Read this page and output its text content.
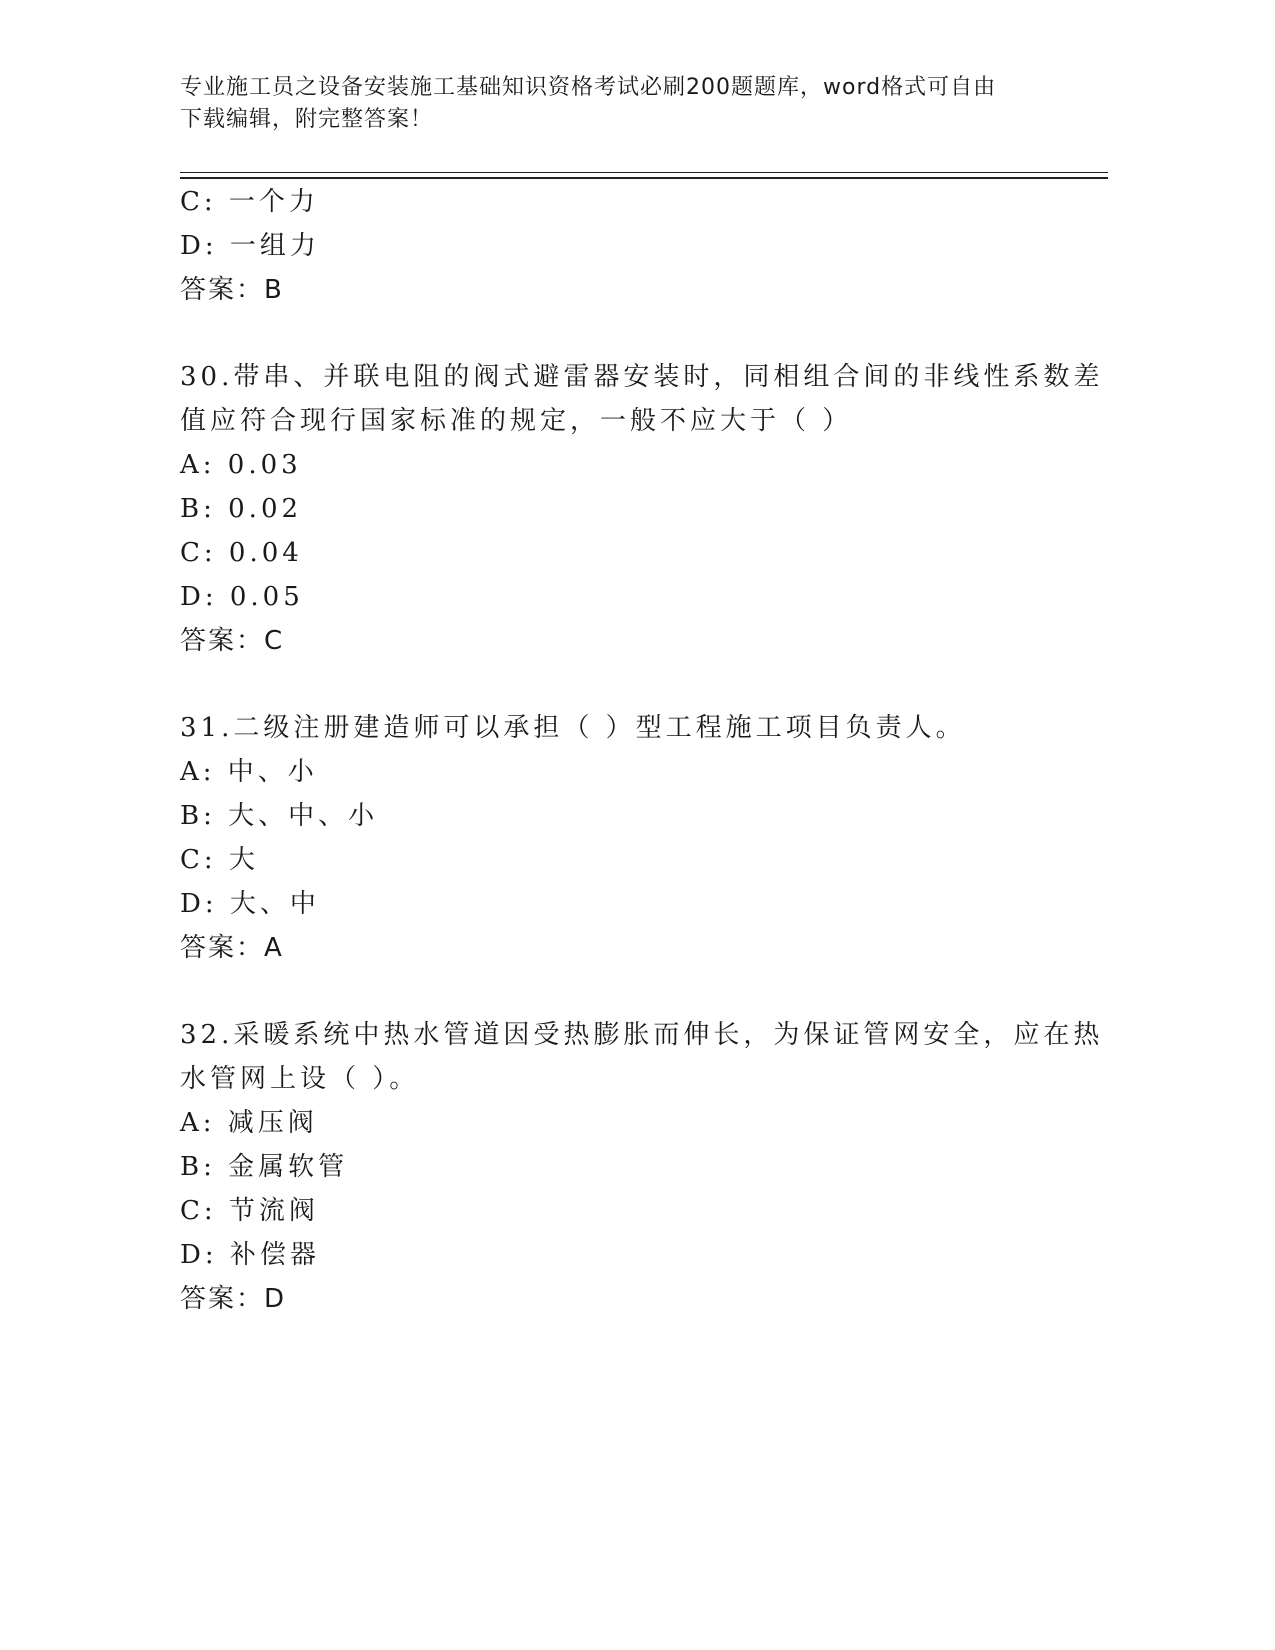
专业施工员之设备安装施工基础知识资格考试必刷200题题库，word格式可自由
下载编辑，附完整答案！
C: 一个力
D: 一组力
答案：B
30.带串、并联电阻的阀式避雷器安装时，同相组合间的非线性系数差
值应符合现行国家标准的规定，一般不应大于（ ）
A: 0.03
B: 0.02
C: 0.04
D: 0.05
答案：C
31.二级注册建造师可以承担（ ）型工程施工项目负责人。
A: 中、小
B: 大、中、小
C: 大
D: 大、中
答案：A
32.采暖系统中热水管道因受热膨胀而伸长，为保证管网安全，应在热
水管网上设（ ）。
A: 减压阀
B: 金属软管
C: 节流阀
D: 补偿器
答案：D
